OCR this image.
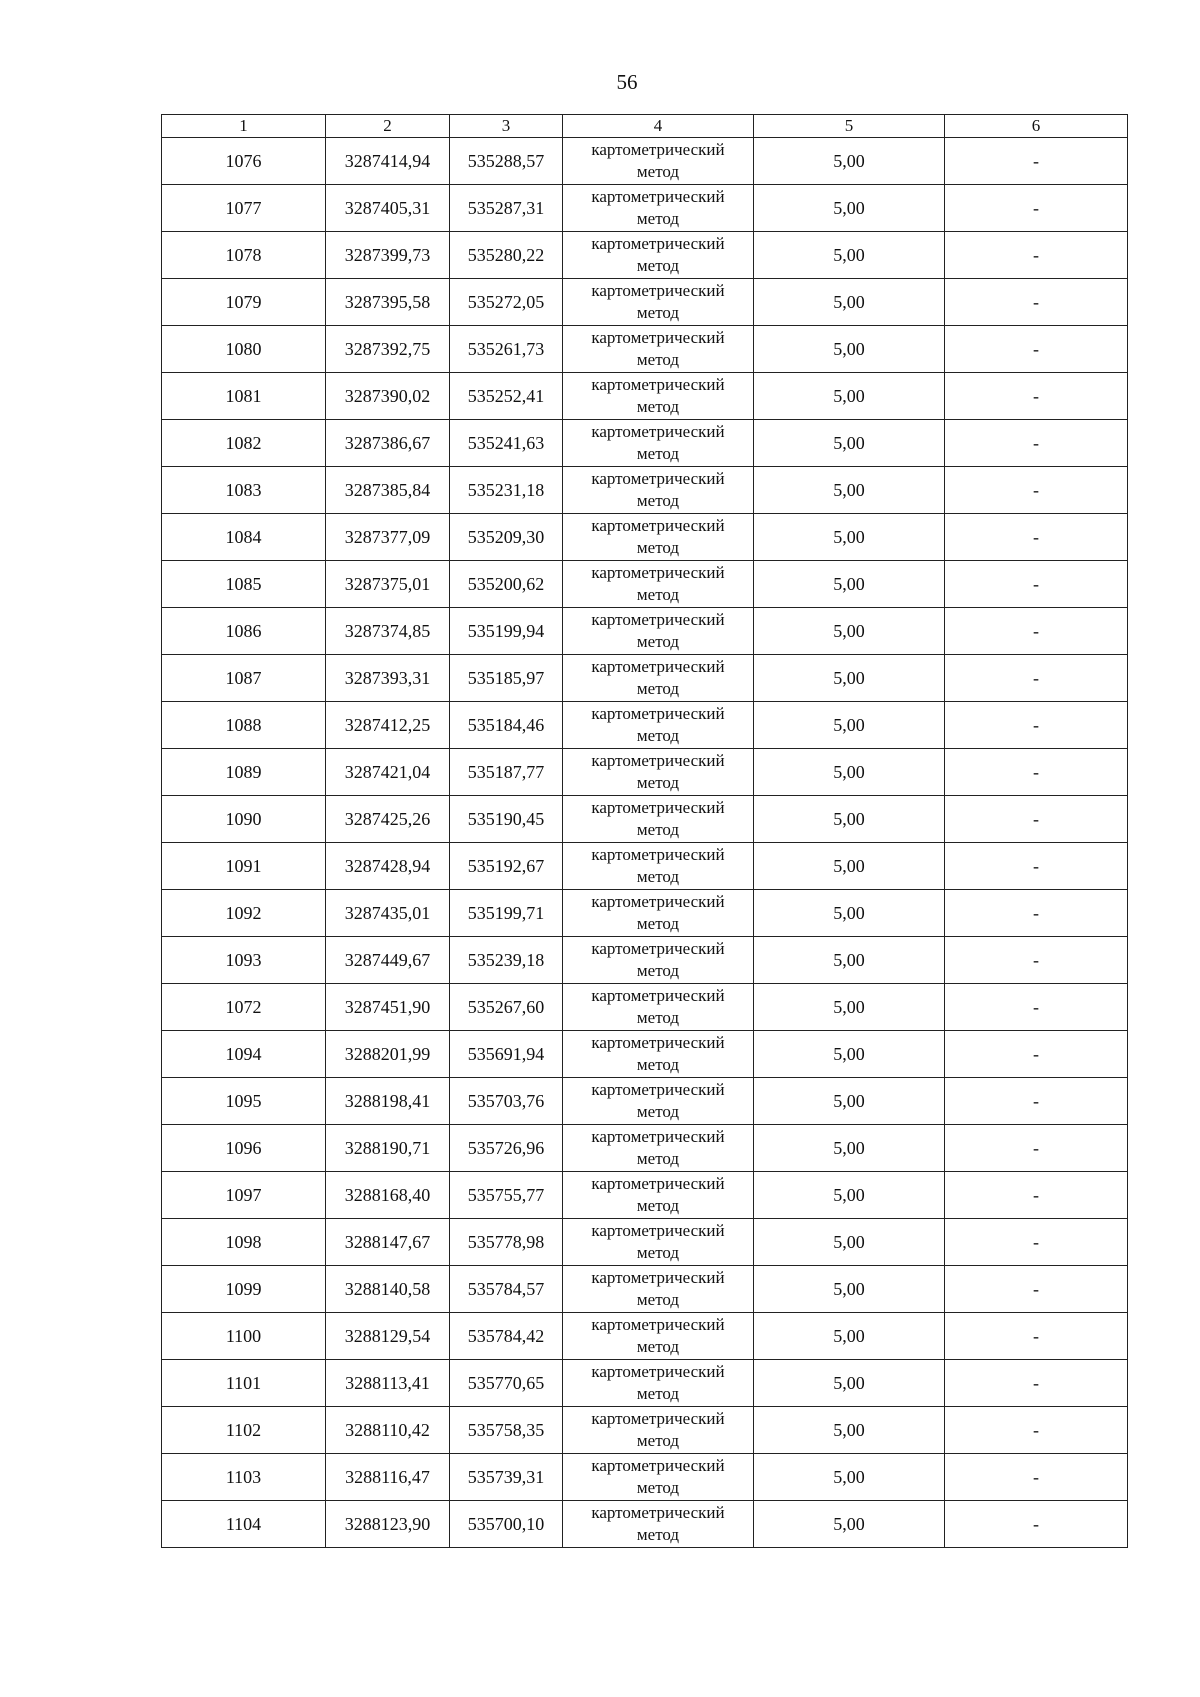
56
1	2	3	4	5	6
1076	3287414,94	535288,57	картометрический
метод	5,00	-
1077	3287405,31	535287,31	картометрический
метод	5,00	-
1078	3287399,73	535280,22	картометрический
метод	5,00	-
1079	3287395,58	535272,05	картометрический
метод	5,00	-
1080	3287392,75	535261,73	картометрический
метод	5,00	-
1081	3287390,02	535252,41	картометрический
метод	5,00	-
1082	3287386,67	535241,63	картометрический
метод	5,00	-
1083	3287385,84	535231,18	картометрический
метод	5,00	-
1084	3287377,09	535209,30	картометрический
метод	5,00	-
1085	3287375,01	535200,62	картометрический
метод	5,00	-
1086	3287374,85	535199,94	картометрический
метод	5,00	-
1087	3287393,31	535185,97	картометрический
метод	5,00	-
1088	3287412,25	535184,46	картометрический
метод	5,00	-
1089	3287421,04	535187,77	картометрический
метод	5,00	-
1090	3287425,26	535190,45	картометрический
метод	5,00	-
1091	3287428,94	535192,67	картометрический
метод	5,00	-
1092	3287435,01	535199,71	картометрический
метод	5,00	-
1093	3287449,67	535239,18	картометрический
метод	5,00	-
1072	3287451,90	535267,60	картометрический
метод	5,00	-
1094	3288201,99	535691,94	картометрический
метод	5,00	-
1095	3288198,41	535703,76	картометрический
метод	5,00	-
1096	3288190,71	535726,96	картометрический
метод	5,00	-
1097	3288168,40	535755,77	картометрический
метод	5,00	-
1098	3288147,67	535778,98	картометрический
метод	5,00	-
1099	3288140,58	535784,57	картометрический
метод	5,00	-
1100	3288129,54	535784,42	картометрический
метод	5,00	-
1101	3288113,41	535770,65	картометрический
метод	5,00	-
1102	3288110,42	535758,35	картометрический
метод	5,00	-
1103	3288116,47	535739,31	картометрический
метод	5,00	-
1104	3288123,90	535700,10	картометрический
метод	5,00	-
